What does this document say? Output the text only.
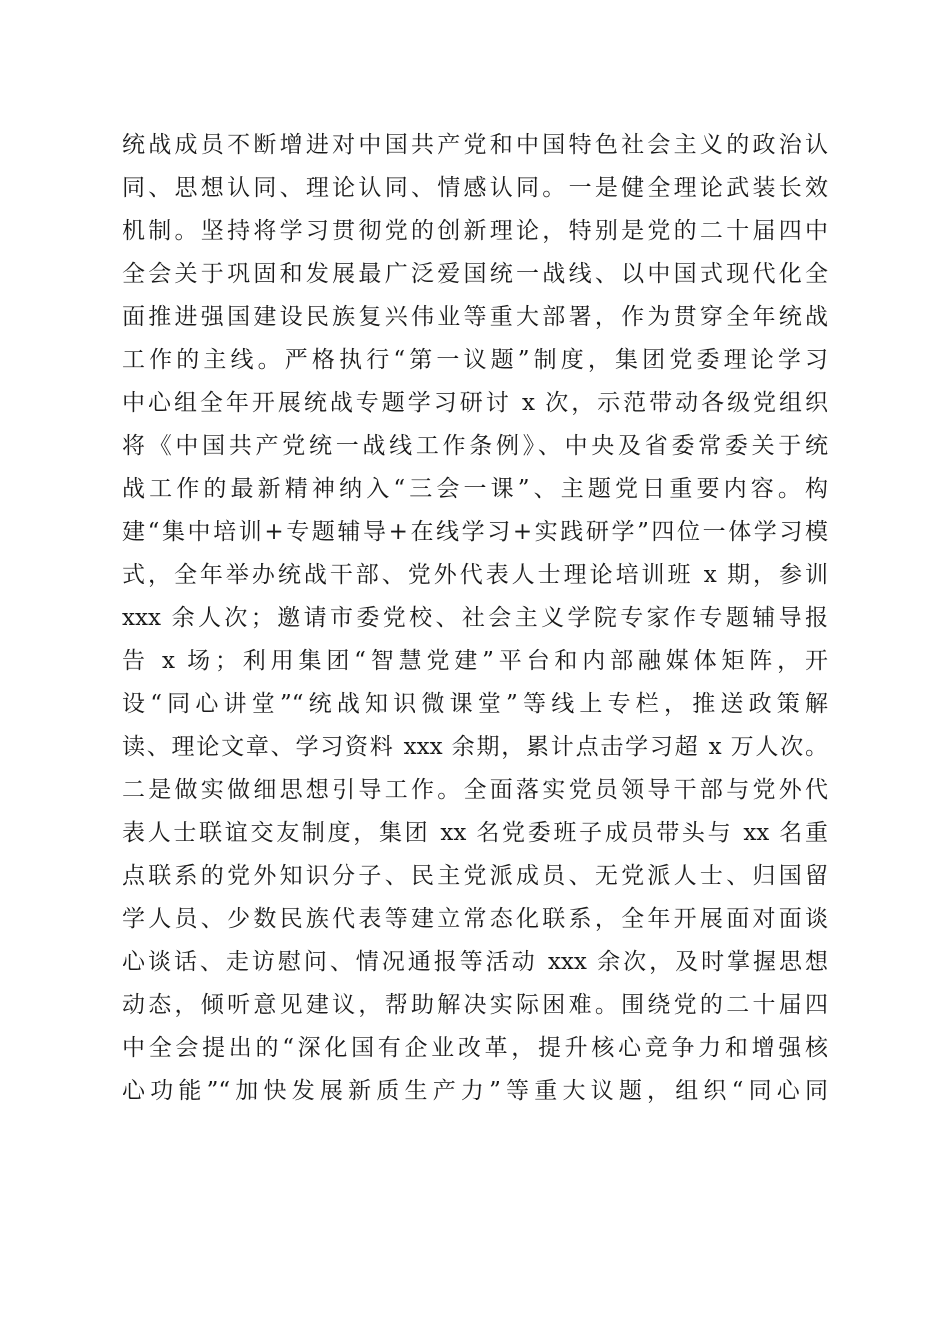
统战成员不断增进对中国共产党和中国特色社会主义的政治认
同、思想认同、理论认同、情感认同。一是健全理论武装长效
机制。坚持将学习贯彻党的创新理论，特别是党的二十届四中
全会关于巩固和发展最广泛爱国统一战线、以中国式现代化全
面推进强国建设民族复兴伟业等重大部署，作为贯穿全年统战
工作的主线。严格执行“第一议题”制度，集团党委理论学习
中心组全年开展统战专题学习研讨 x 次，示范带动各级党组织
将《中国共产党统一战线工作条例》、中央及省委常委关于统
战工作的最新精神纳入“三会一课”、主题党日重要内容。构
建“集中培训+专题辅导+在线学习+实践研学”四位一体学习模
式，全年举办统战干部、党外代表人士理论培训班 x 期，参训
xxx 余人次；邀请市委党校、社会主义学院专家作专题辅导报
告 x 场；利用集团“智慧党建”平台和内部融媒体矩阵，开
设“同心讲堂”“统战知识微课堂”等线上专栏，推送政策解
读、理论文章、学习资料 xxx 余期，累计点击学习超 x 万人次。
二是做实做细思想引导工作。全面落实党员领导干部与党外代
表人士联谊交友制度，集团 xx 名党委班子成员带头与 xx 名重
点联系的党外知识分子、民主党派成员、无党派人士、归国留
学人员、少数民族代表等建立常态化联系，全年开展面对面谈
心谈话、走访慰问、情况通报等活动 xxx 余次，及时掌握思想
动态，倾听意见建议，帮助解决实际困难。围绕党的二十届四
中全会提出的“深化国有企业改革，提升核心竞争力和增强核
心功能”“加快发展新质生产力”等重大议题，组织“同心同
